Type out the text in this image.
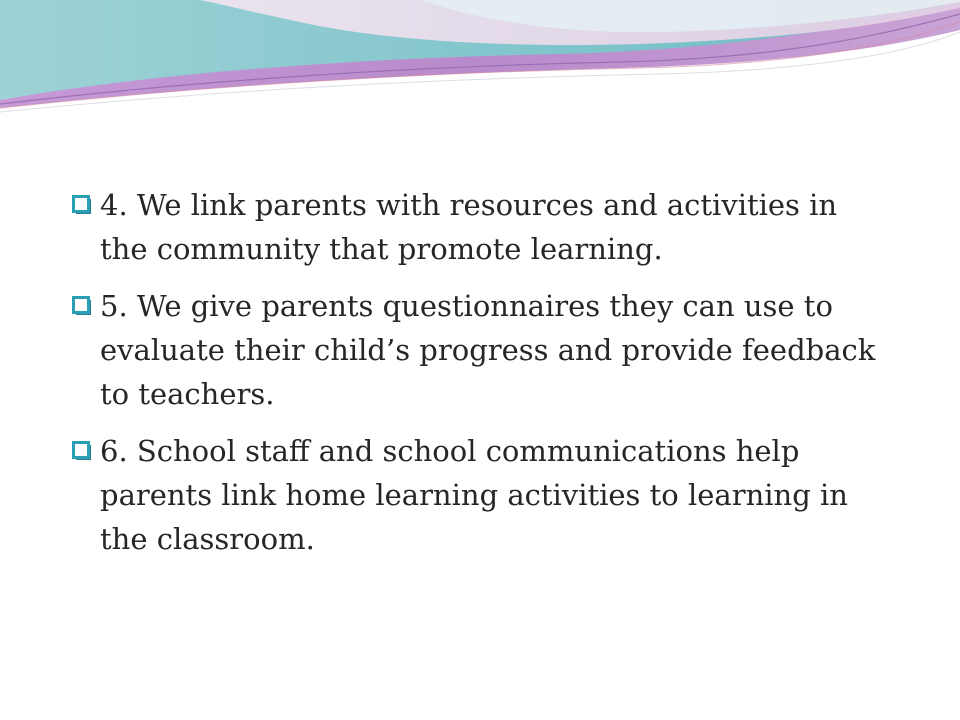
4. We link parents with resources and activities in the community that promote learning.
5. We give parents questionnaires they can use to evaluate their child’s progress and provide feedback to teachers.
6. School staff and school communications help parents link home learning activities to learning in the classroom.
